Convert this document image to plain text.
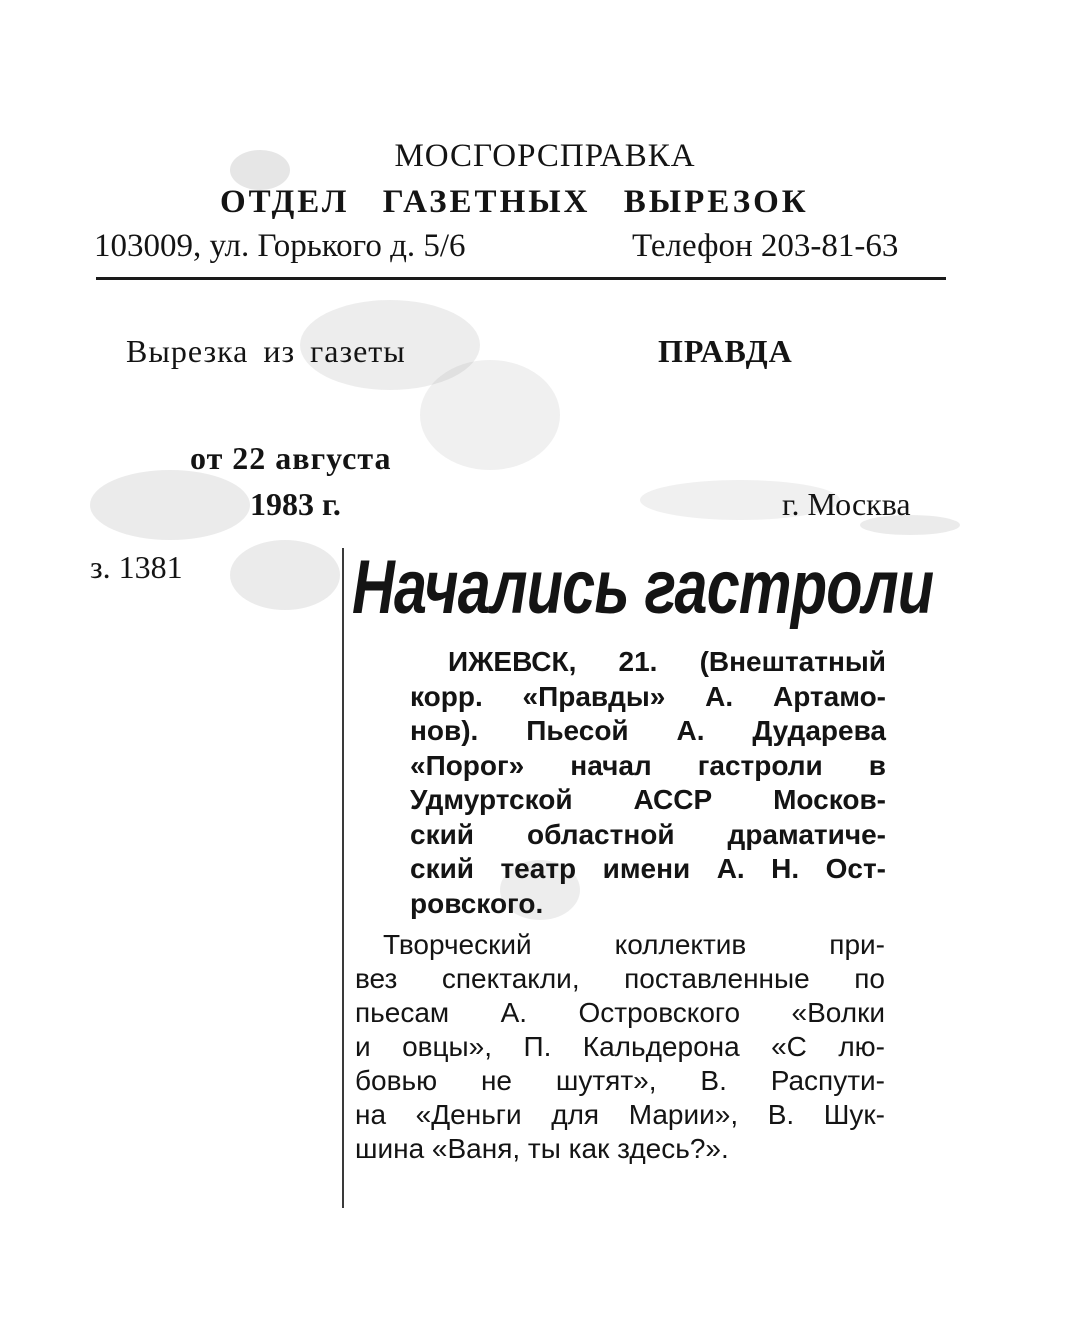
МОСГОРСПРАВКА
ОТДЕЛ ГАЗЕТНЫХ ВЫРЕЗОК
103009, ул. Горького д. 5/6	Телефон 203-81-63
Вырезка из газеты	ПРАВДА
от 22 августа
1983 г.	г. Москва
з. 1381 Начались гастроли
ИЖЕВСК, 21. (Внештатный
корр. «Правды» А. Артамо-
нов). Пьесой А. Дударева
«Порог» начал гастроли в
Удмуртской АССР Москов-
ский областной драматиче-
ский театр имени А. Н. Ост-
ровского.
Творческий коллектив при-
вез спектакли, поставленные по
пьесам А. Островского «Волки
и овцы», П. Кальдерона «С лю-
бовью не шутят», В. Распути-
на «Деньги для Марии», В. Шук-
шина «Ваня, ты как здесь?».
